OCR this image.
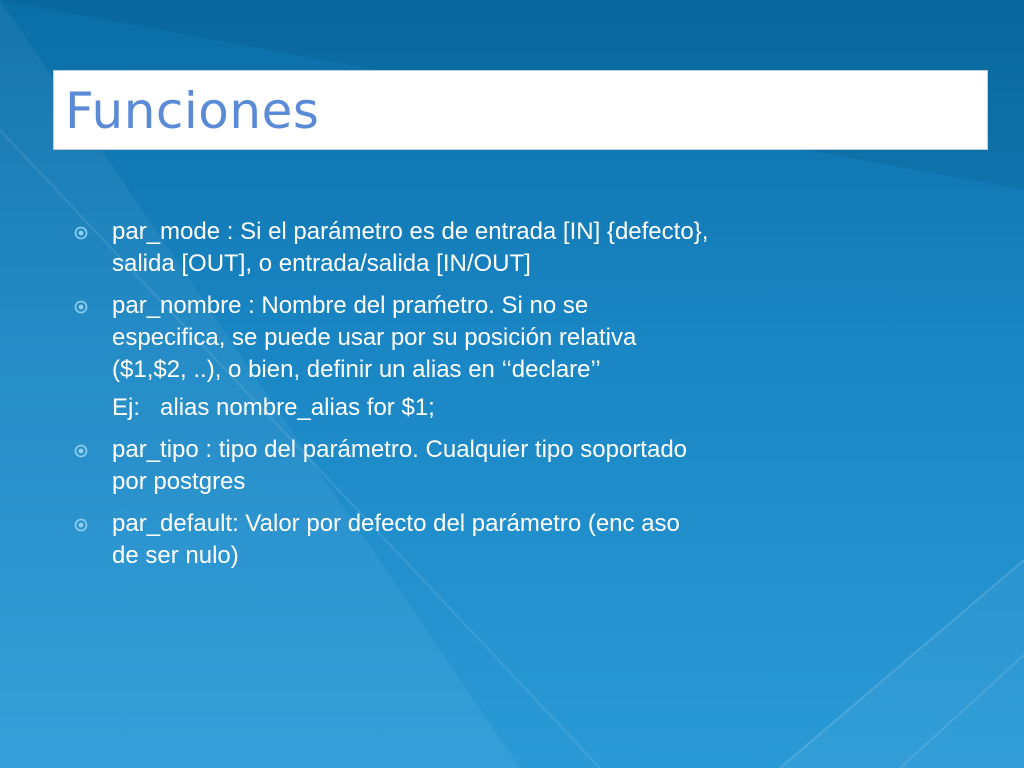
Funciones
par_mode : Si el parámetro es de entrada [IN] {defecto},
salida [OUT], o entrada/salida [IN/OUT]
par_nombre : Nombre del praḿetro. Si no se
especifica, se puede usar por su posición relativa
($1,$2, ..), o bien, definir un alias en ‘‘declare’’
Ej:   alias nombre_alias for $1;
par_tipo : tipo del parámetro. Cualquier tipo soportado
por postgres
par_default: Valor por defecto del parámetro (enc aso
de ser nulo)
